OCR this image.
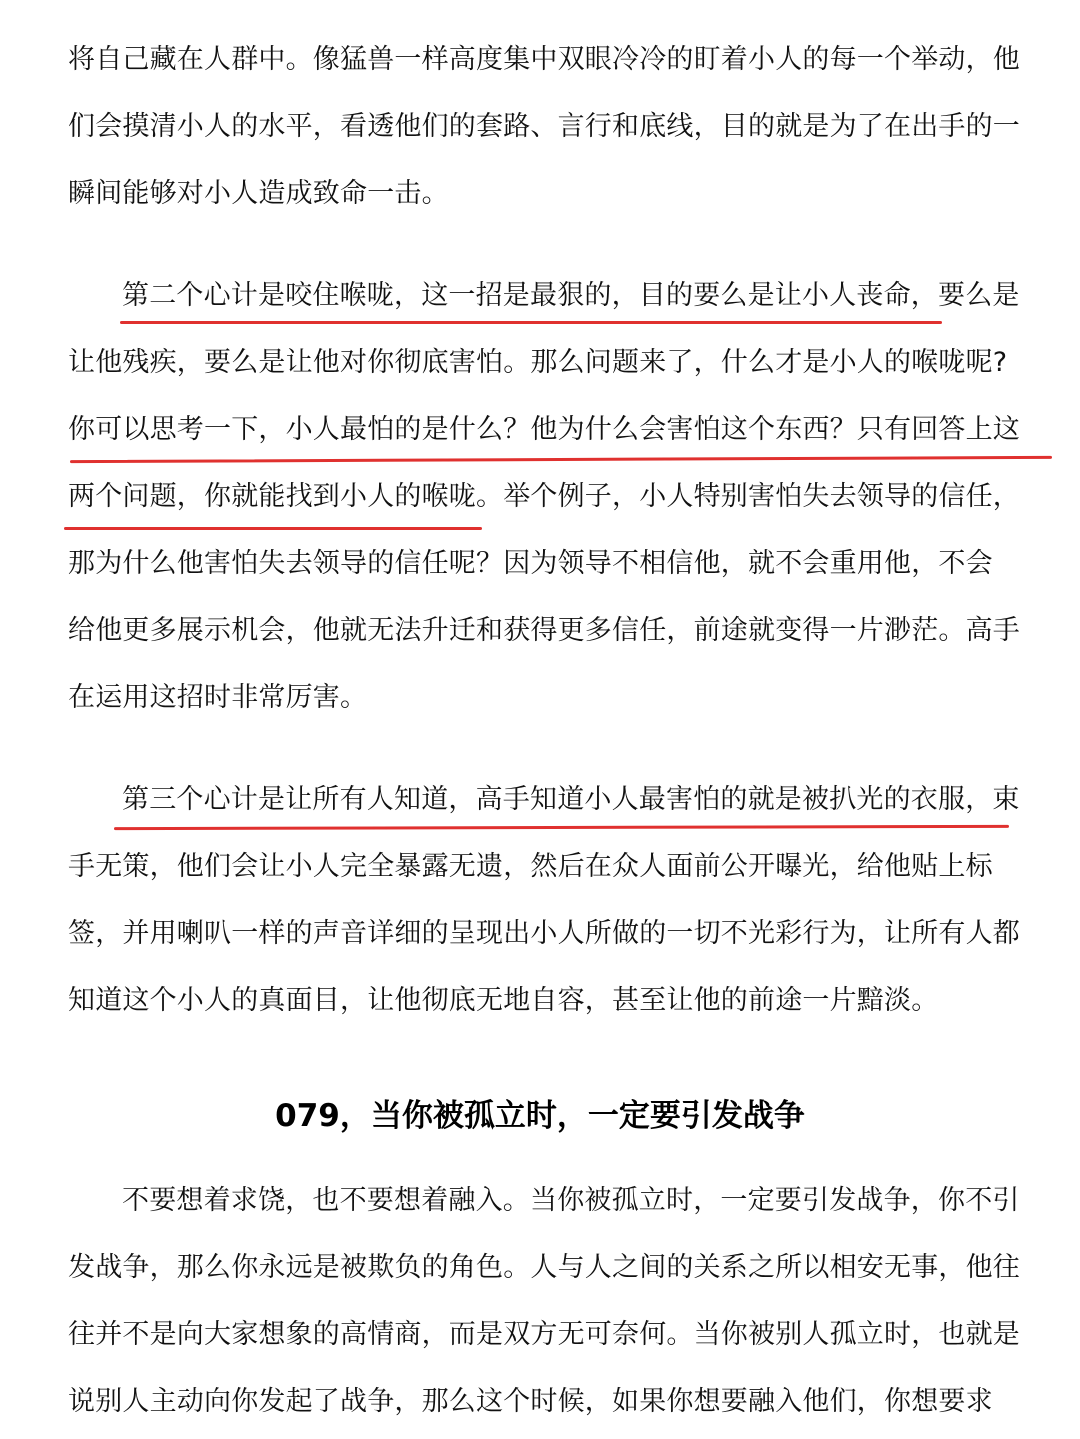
将自己藏在人群中。像猛兽一样高度集中双眼冷冷的盯着小人的每一个举动，他
们会摸清小人的水平，看透他们的套路、言行和底线，目的就是为了在出手的一
瞬间能够对小人造成致命一击。
第二个心计是咬住喉咙，这一招是最狠的，目的要么是让小人丧命，要么是
让他残疾，要么是让他对你彻底害怕。那么问题来了，什么才是小人的喉咙呢?
你可以思考一下，小人最怕的是什么？他为什么会害怕这个东西？只有回答上这
两个问题，你就能找到小人的喉咙。举个例子，小人特别害怕失去领导的信任，
那为什么他害怕失去领导的信任呢？因为领导不相信他，就不会重用他，不会
给他更多展示机会，他就无法升迁和获得更多信任，前途就变得一片渺茫。高手
在运用这招时非常厉害。
第三个心计是让所有人知道，高手知道小人最害怕的就是被扒光的衣服，束
手无策，他们会让小人完全暴露无遗，然后在众人面前公开曝光，给他贴上标
签，并用喇叭一样的声音详细的呈现出小人所做的一切不光彩行为，让所有人都
知道这个小人的真面目，让他彻底无地自容，甚至让他的前途一片黯淡。
079，当你被孤立时，一定要引发战争
不要想着求饶，也不要想着融入。当你被孤立时，一定要引发战争，你不引
发战争，那么你永远是被欺负的角色。人与人之间的关系之所以相安无事，他往
往并不是向大家想象的高情商，而是双方无可奈何。当你被别人孤立时，也就是
说别人主动向你发起了战争，那么这个时候，如果你想要融入他们，你想要求
